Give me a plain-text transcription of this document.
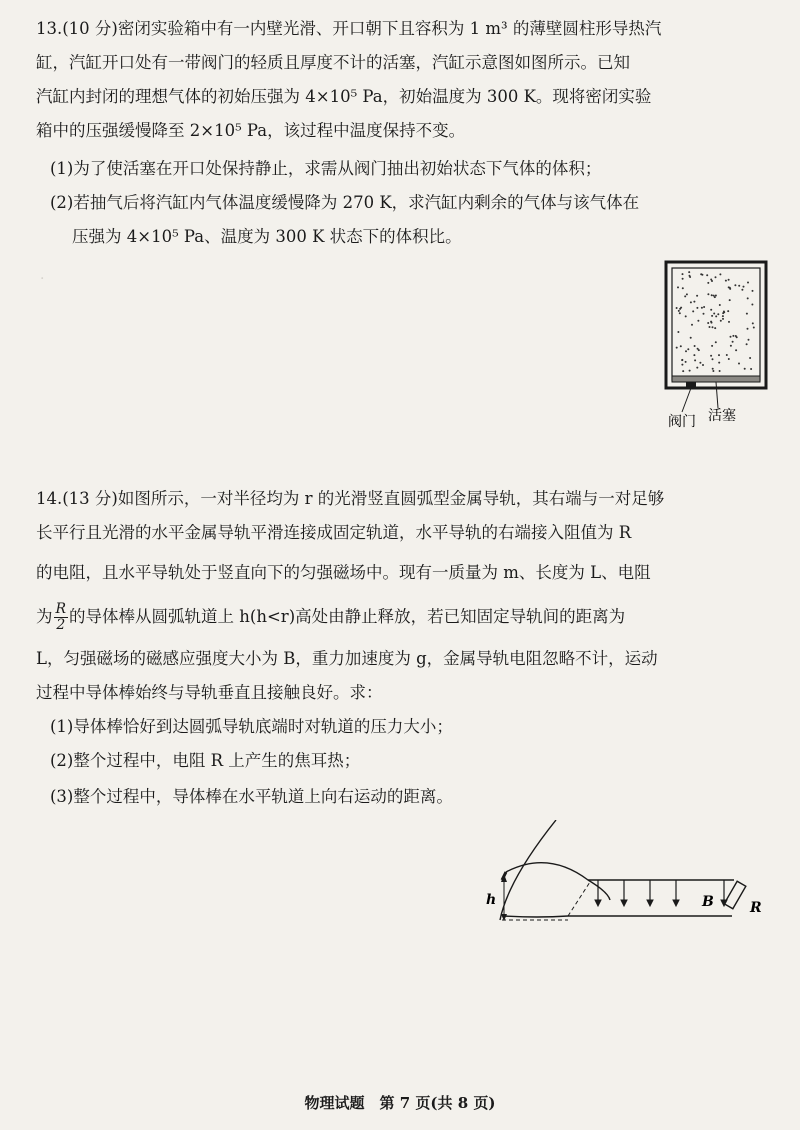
·　　　　　　　　　　　　　　　　　　　
13.(10 分)密闭实验箱中有一内壁光滑、开口朝下且容积为 1 m³ 的薄壁圆柱形导热汽
缸，汽缸开口处有一带阀门的轻质且厚度不计的活塞，汽缸示意图如图所示。已知
汽缸内封闭的理想气体的初始压强为 4×10⁵ Pa，初始温度为 300 K。现将密闭实验
箱中的压强缓慢降至 2×10⁵ Pa，该过程中温度保持不变。
(1)为了使活塞在开口处保持静止，求需从阀门抽出初始状态下气体的体积；
(2)若抽气后将汽缸内气体温度缓慢降为 270 K，求汽缸内剩余的气体与该气体在
压强为 4×10⁵ Pa、温度为 300 K 状态下的体积比。
阀门 活塞
14.(13 分)如图所示，一对半径均为 r 的光滑竖直圆弧型金属导轨，其右端与一对足够
长平行且光滑的水平金属导轨平滑连接成固定轨道，水平导轨的右端接入阻值为 R
的电阻，且水平导轨处于竖直向下的匀强磁场中。现有一质量为 m、长度为 L、电阻
为 $\frac{R}{2}$ 的导体棒从圆弧轨道上 h(h<r)高处由静止释放，若已知固定导轨间的距离为
L，匀强磁场的磁感应强度大小为 B，重力加速度为 g，金属导轨电阻忽略不计，运动
过程中导体棒始终与导轨垂直且接触良好。求：
(1)导体棒恰好到达圆弧导轨底端时对轨道的压力大小；
(2)整个过程中，电阻 R 上产生的焦耳热；
(3)整个过程中，导体棒在水平轨道上向右运动的距离。
h	B	R
物理试题　第 7 页(共 8 页)
